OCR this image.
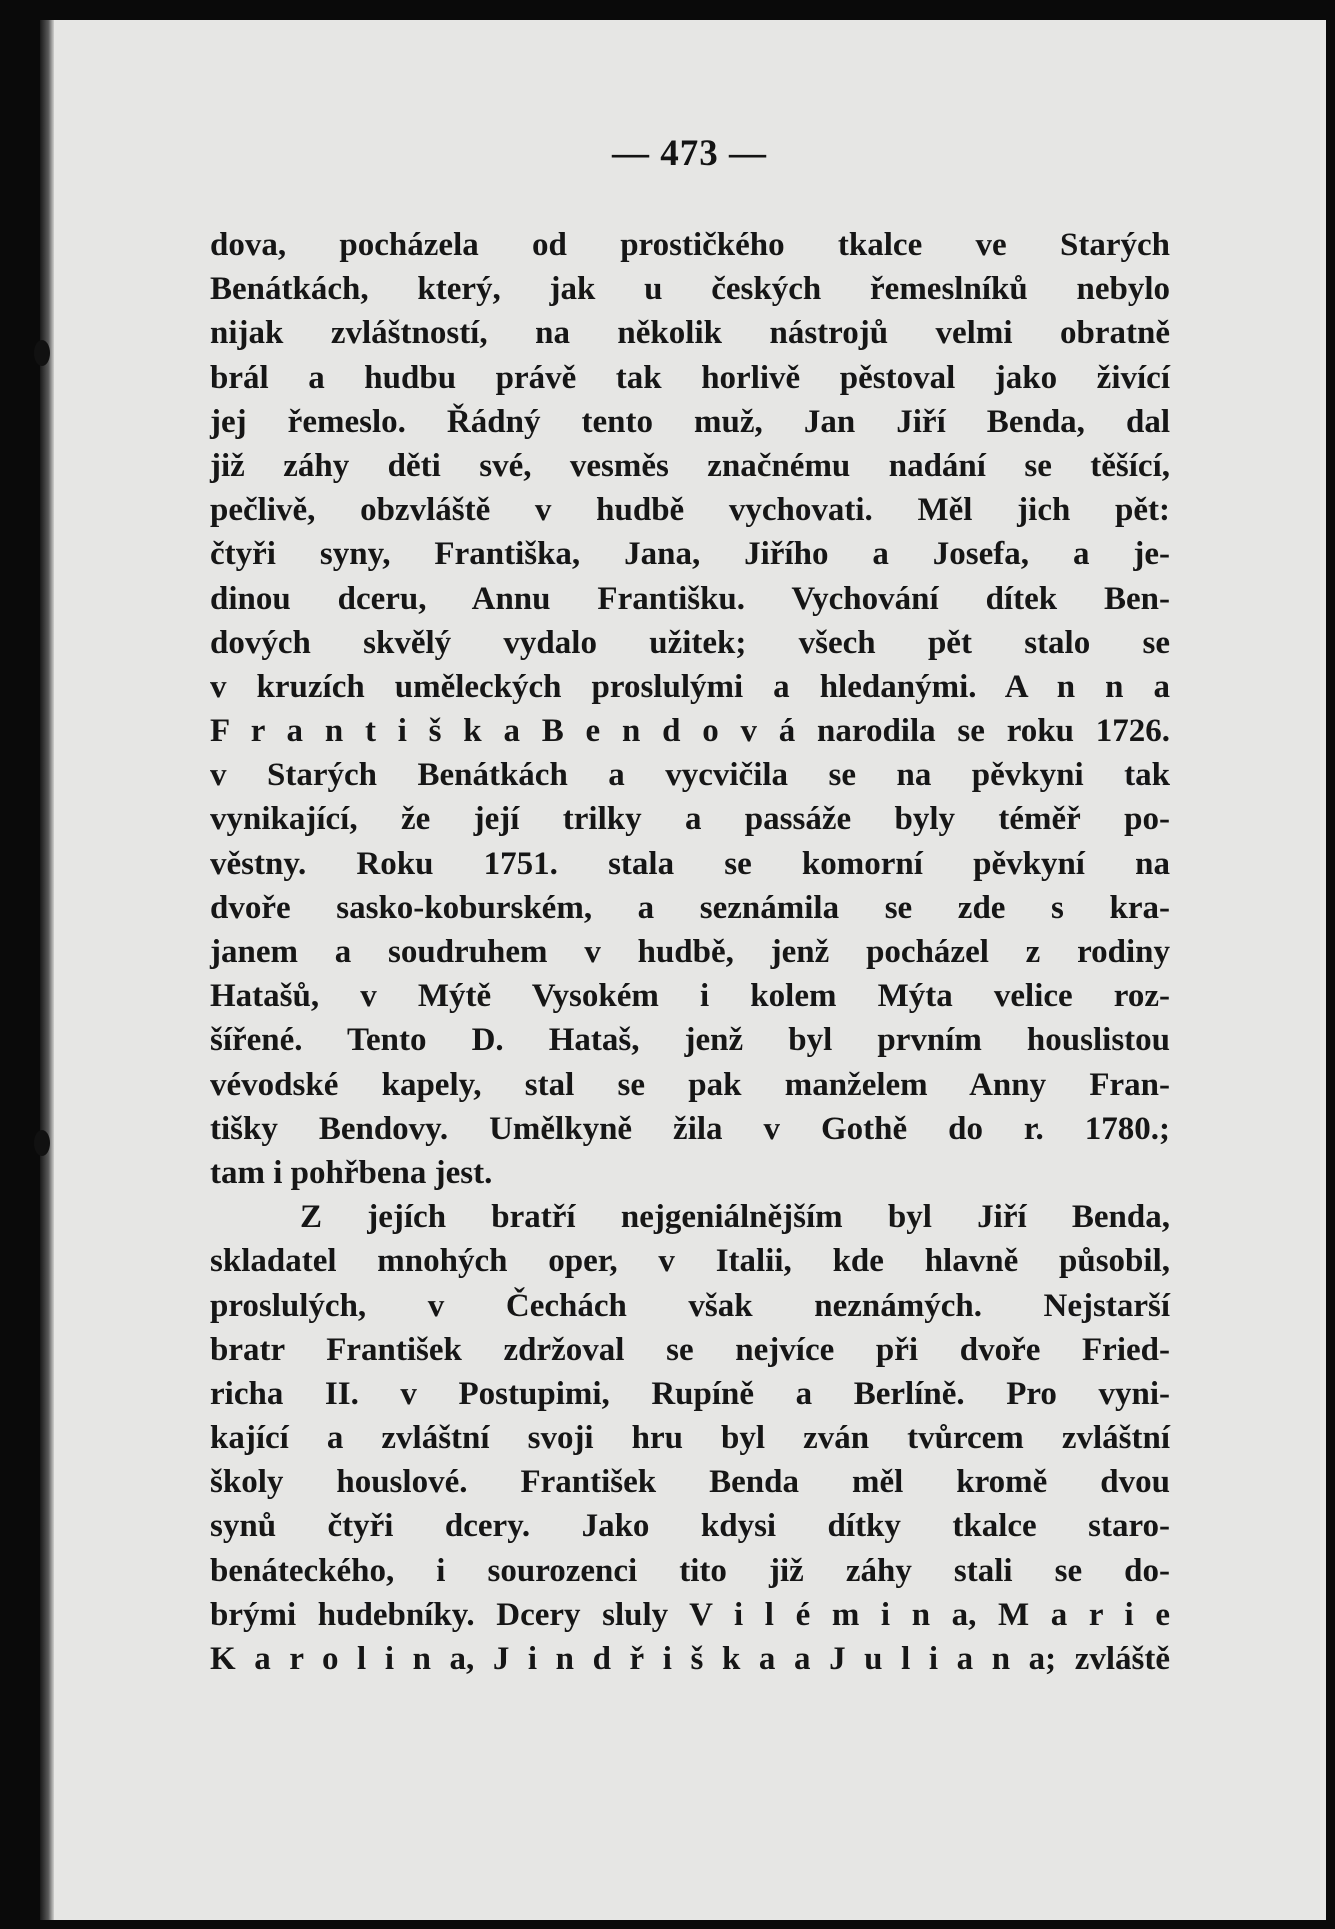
— 473 —
dova, pocházela od prostičkého tkalce ve Starých
Benátkách, který, jak u českých řemeslníků nebylo
nijak zvláštností, na několik nástrojů velmi obratně
brál a hudbu právě tak horlivě pěstoval jako živící
jej řemeslo. Řádný tento muž, Jan Jiří Benda, dal
již záhy děti své, vesměs značnému nadání se těšící,
pečlivě, obzvláště v hudbě vychovati. Měl jich pět:
čtyři syny, Františka, Jana, Jiřího a Josefa, a je-
dinou dceru, Annu Františku. Vychování dítek Ben-
dových skvělý vydalo užitek; všech pět stalo se
v kruzích uměleckých proslulými a hledanými. A n n a
F r a n t i š k a B e n d o v á narodila se roku 1726.
v Starých Benátkách a vycvičila se na pěvkyni tak
vynikající, že její trilky a passáže byly téměř po-
věstny. Roku 1751. stala se komorní pěvkyní na
dvoře sasko-koburském, a seznámila se zde s kra-
janem a soudruhem v hudbě, jenž pocházel z rodiny
Hatašů, v Mýtě Vysokém i kolem Mýta velice roz-
šířené. Tento D. Hataš, jenž byl prvním houslistou
vévodské kapely, stal se pak manželem Anny Fran-
tišky Bendovy. Umělkyně žila v Gothě do r. 1780.;
tam i pohřbena jest.
Z jejích bratří nejgeniálnějším byl Jiří Benda,
skladatel mnohých oper, v Italii, kde hlavně působil,
proslulých, v Čechách však neznámých. Nejstarší
bratr František zdržoval se nejvíce při dvoře Fried-
richa II. v Postupimi, Rupíně a Berlíně. Pro vyni-
kající a zvláštní svoji hru byl zván tvůrcem zvláštní
školy houslové. František Benda měl kromě dvou
synů čtyři dcery. Jako kdysi dítky tkalce staro-
benáteckého, i sourozenci tito již záhy stali se do-
brými hudebníky. Dcery sluly V i l é m i n a, M a r i e
K a r o l i n a, J i n d ř i š k a a J u l i a n a; zvláště
